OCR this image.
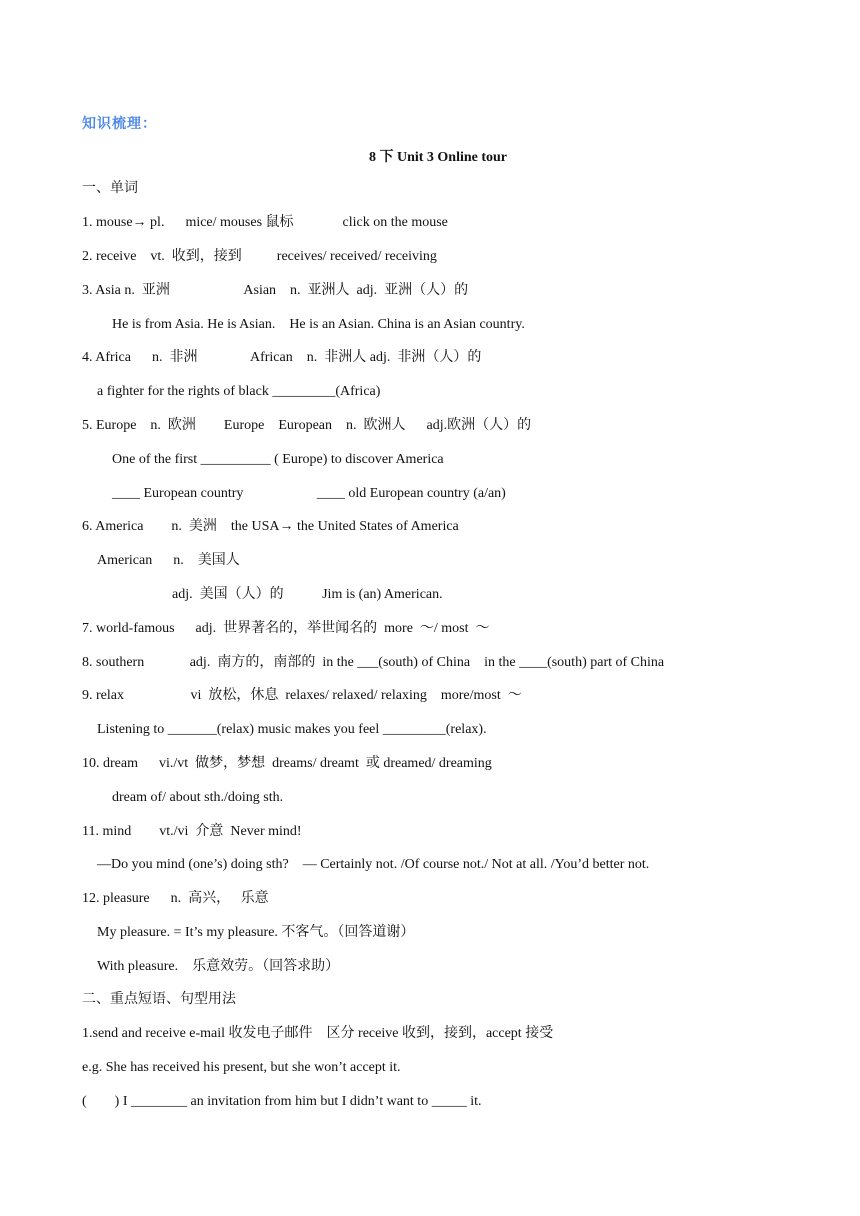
知识梳理：
8 下 Unit 3 Online tour
一、单词
1. mouse→ pl.      mice/ mouses 鼠标              click on the mouse
2. receive    vt.  收到，接到          receives/ received/ receiving
3. Asia n.  亚洲                     Asian    n.  亚洲人  adj.  亚洲（人）的
He is from Asia. He is Asian.    He is an Asian. China is an Asian country.
4. Africa      n.  非洲               African    n.  非洲人 adj.  非洲（人）的
a fighter for the rights of black _________(Africa)
5. Europe    n.  欧洲        Europe    European    n.  欧洲人      adj.欧洲（人）的
One of the first __________ ( Europe) to discover America
____ European country                     ____ old European country (a/an)
6. America        n.  美洲    the USA→ the United States of America
American      n.    美国人
adj.  美国（人）的           Jim is (an) American.
7. world-famous      adj.  世界著名的，举世闻名的  more  ～/ most  ～
8. southern             adj.  南方的，南部的  in the ___(south) of China    in the ____(south) part of China
9. relax                   vi  放松，休息  relaxes/ relaxed/ relaxing    more/most  ～
Listening to _______(relax) music makes you feel _________(relax).
10. dream      vi./vt  做梦，梦想  dreams/ dreamt  或 dreamed/ dreaming
dream of/ about sth./doing sth.
11. mind        vt./vi  介意  Never mind!
—Do you mind (one’s) doing sth?    — Certainly not. /Of course not./ Not at all. /You’d better not.
12. pleasure      n.  高兴，   乐意
My pleasure. = It’s my pleasure. 不客气。（回答道谢）
With pleasure.    乐意效劳。（回答求助）
二、重点短语、句型用法
1.send and receive e-mail 收发电子邮件    区分 receive 收到，接到，accept 接受
e.g. She has received his present, but she won’t accept it.
(        ) I ________ an invitation from him but I didn’t want to _____ it.
